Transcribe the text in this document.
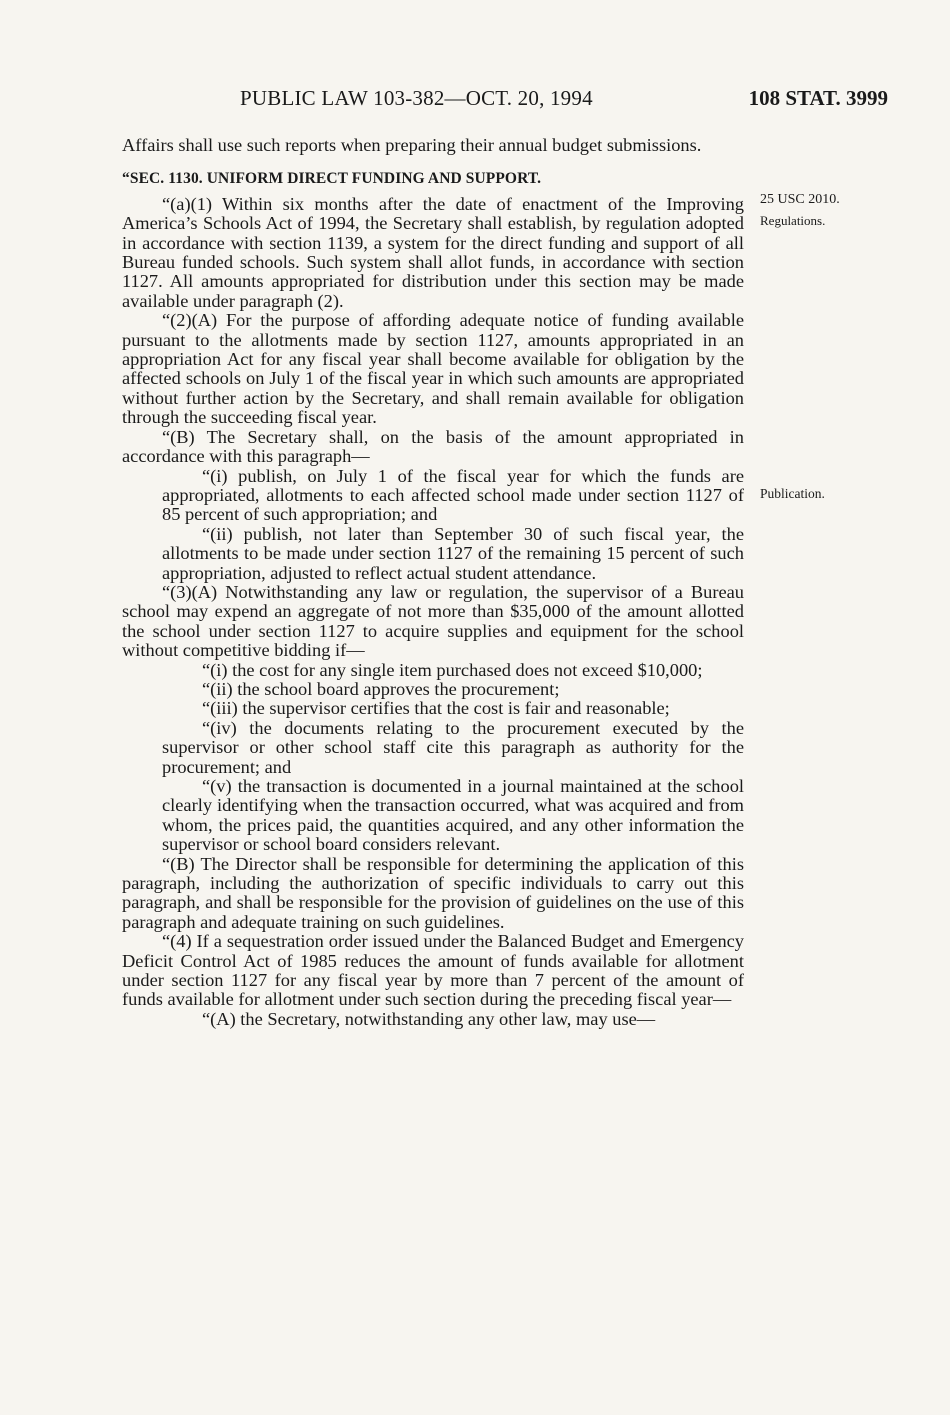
PUBLIC LAW 103-382—OCT. 20, 1994	108 STAT. 3999
25 USC 2010.
Regulations.
Publication.

Affairs shall use such reports when preparing their annual budget submissions.

“SEC. 1130. UNIFORM DIRECT FUNDING AND SUPPORT.

“(a)(1) Within six months after the date of enactment of the Improving America’s Schools Act of 1994, the Secretary shall establish, by regulation adopted in accordance with section 1139, a system for the direct funding and support of all Bureau funded schools. Such system shall allot funds, in accordance with section 1127. All amounts appropriated for distribution under this section may be made available under paragraph (2).

“(2)(A) For the purpose of affording adequate notice of funding available pursuant to the allotments made by section 1127, amounts appropriated in an appropriation Act for any fiscal year shall become available for obligation by the affected schools on July 1 of the fiscal year in which such amounts are appropriated without further action by the Secretary, and shall remain available for obligation through the succeeding fiscal year.

“(B) The Secretary shall, on the basis of the amount appropriated in accordance with this paragraph—

“(i) publish, on July 1 of the fiscal year for which the funds are appropriated, allotments to each affected school made under section 1127 of 85 percent of such appropriation; and

“(ii) publish, not later than September 30 of such fiscal year, the allotments to be made under section 1127 of the remaining 15 percent of such appropriation, adjusted to reflect actual student attendance.

“(3)(A) Notwithstanding any law or regulation, the supervisor of a Bureau school may expend an aggregate of not more than $35,000 of the amount allotted the school under section 1127 to acquire supplies and equipment for the school without competitive bidding if—

“(i) the cost for any single item purchased does not exceed $10,000;

“(ii) the school board approves the procurement;

“(iii) the supervisor certifies that the cost is fair and reasonable;

“(iv) the documents relating to the procurement executed by the supervisor or other school staff cite this paragraph as authority for the procurement; and

“(v) the transaction is documented in a journal maintained at the school clearly identifying when the transaction occurred, what was acquired and from whom, the prices paid, the quantities acquired, and any other information the supervisor or school board considers relevant.

“(B) The Director shall be responsible for determining the application of this paragraph, including the authorization of specific individuals to carry out this paragraph, and shall be responsible for the provision of guidelines on the use of this paragraph and adequate training on such guidelines.

“(4) If a sequestration order issued under the Balanced Budget and Emergency Deficit Control Act of 1985 reduces the amount of funds available for allotment under section 1127 for any fiscal year by more than 7 percent of the amount of funds available for allotment under such section during the preceding fiscal year—

“(A) the Secretary, notwithstanding any other law, may use—
